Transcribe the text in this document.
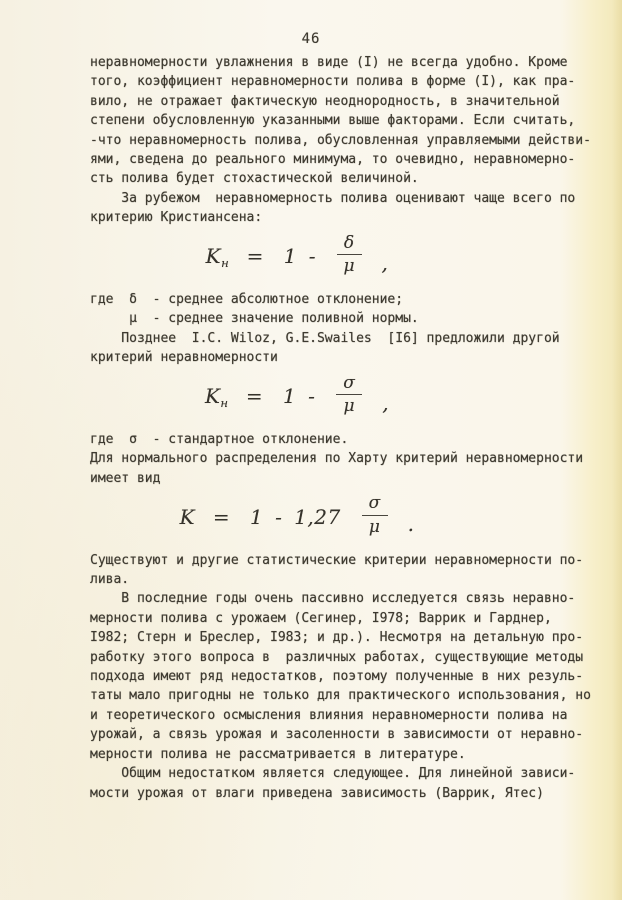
46
неравномерности увлажнения в виде (I) не всегда удобно. Кроме
того, коэффициент неравномерности полива в форме (I), как пра-
вило, не отражает фактическую неоднородность, в значительной
степени обусловленную указанными выше факторами. Если считать,
-что неравномерность полива, обусловленная управляемыми действи-
ями, сведена до реального минимума, то очевидно, неравномерно-
сть полива будет стохастической величиной.
За рубежом  неравномерность полива оценивают чаще всего по
критерию Кристиансена:
$K_н = 1 - \frac{\delta}{\mu}$ ,
где  δ  - среднее абсолютное отклонение;
μ  - среднее значение поливной нормы.
Позднее  I.C. Wiloz, G.E.Swailes  [I6] предложили другой
критерий неравномерности
$K_н = 1 - \frac{\sigma}{\mu}$ ,
где  σ  - стандартное отклонение.
Для нормального распределения по Харту критерий неравномерности
имеет вид
$K = 1 - 1,27 \frac{\sigma}{\mu}$ .
Существуют и другие статистические критерии неравномерности по-
лива.
В последние годы очень пассивно исследуется связь неравно-
мерности полива с урожаем (Сегинер, I978; Варрик и Гарднер,
I982; Стерн и Бреслер, I983; и др.). Несмотря на детальную про-
работку этого вопроса в  различных работах, существующие методы
подхода имеют ряд недостатков, поэтому полученные в них резуль-
таты мало пригодны не только для практического использования, но
и теоретического осмысления влияния неравномерности полива на
урожай, а связь урожая и засоленности в зависимости от неравно-
мерности полива не рассматривается в литературе.
Общим недостатком является следующее. Для линейной зависи-
мости урожая от влаги приведена зависимость (Варрик, Ятес)
